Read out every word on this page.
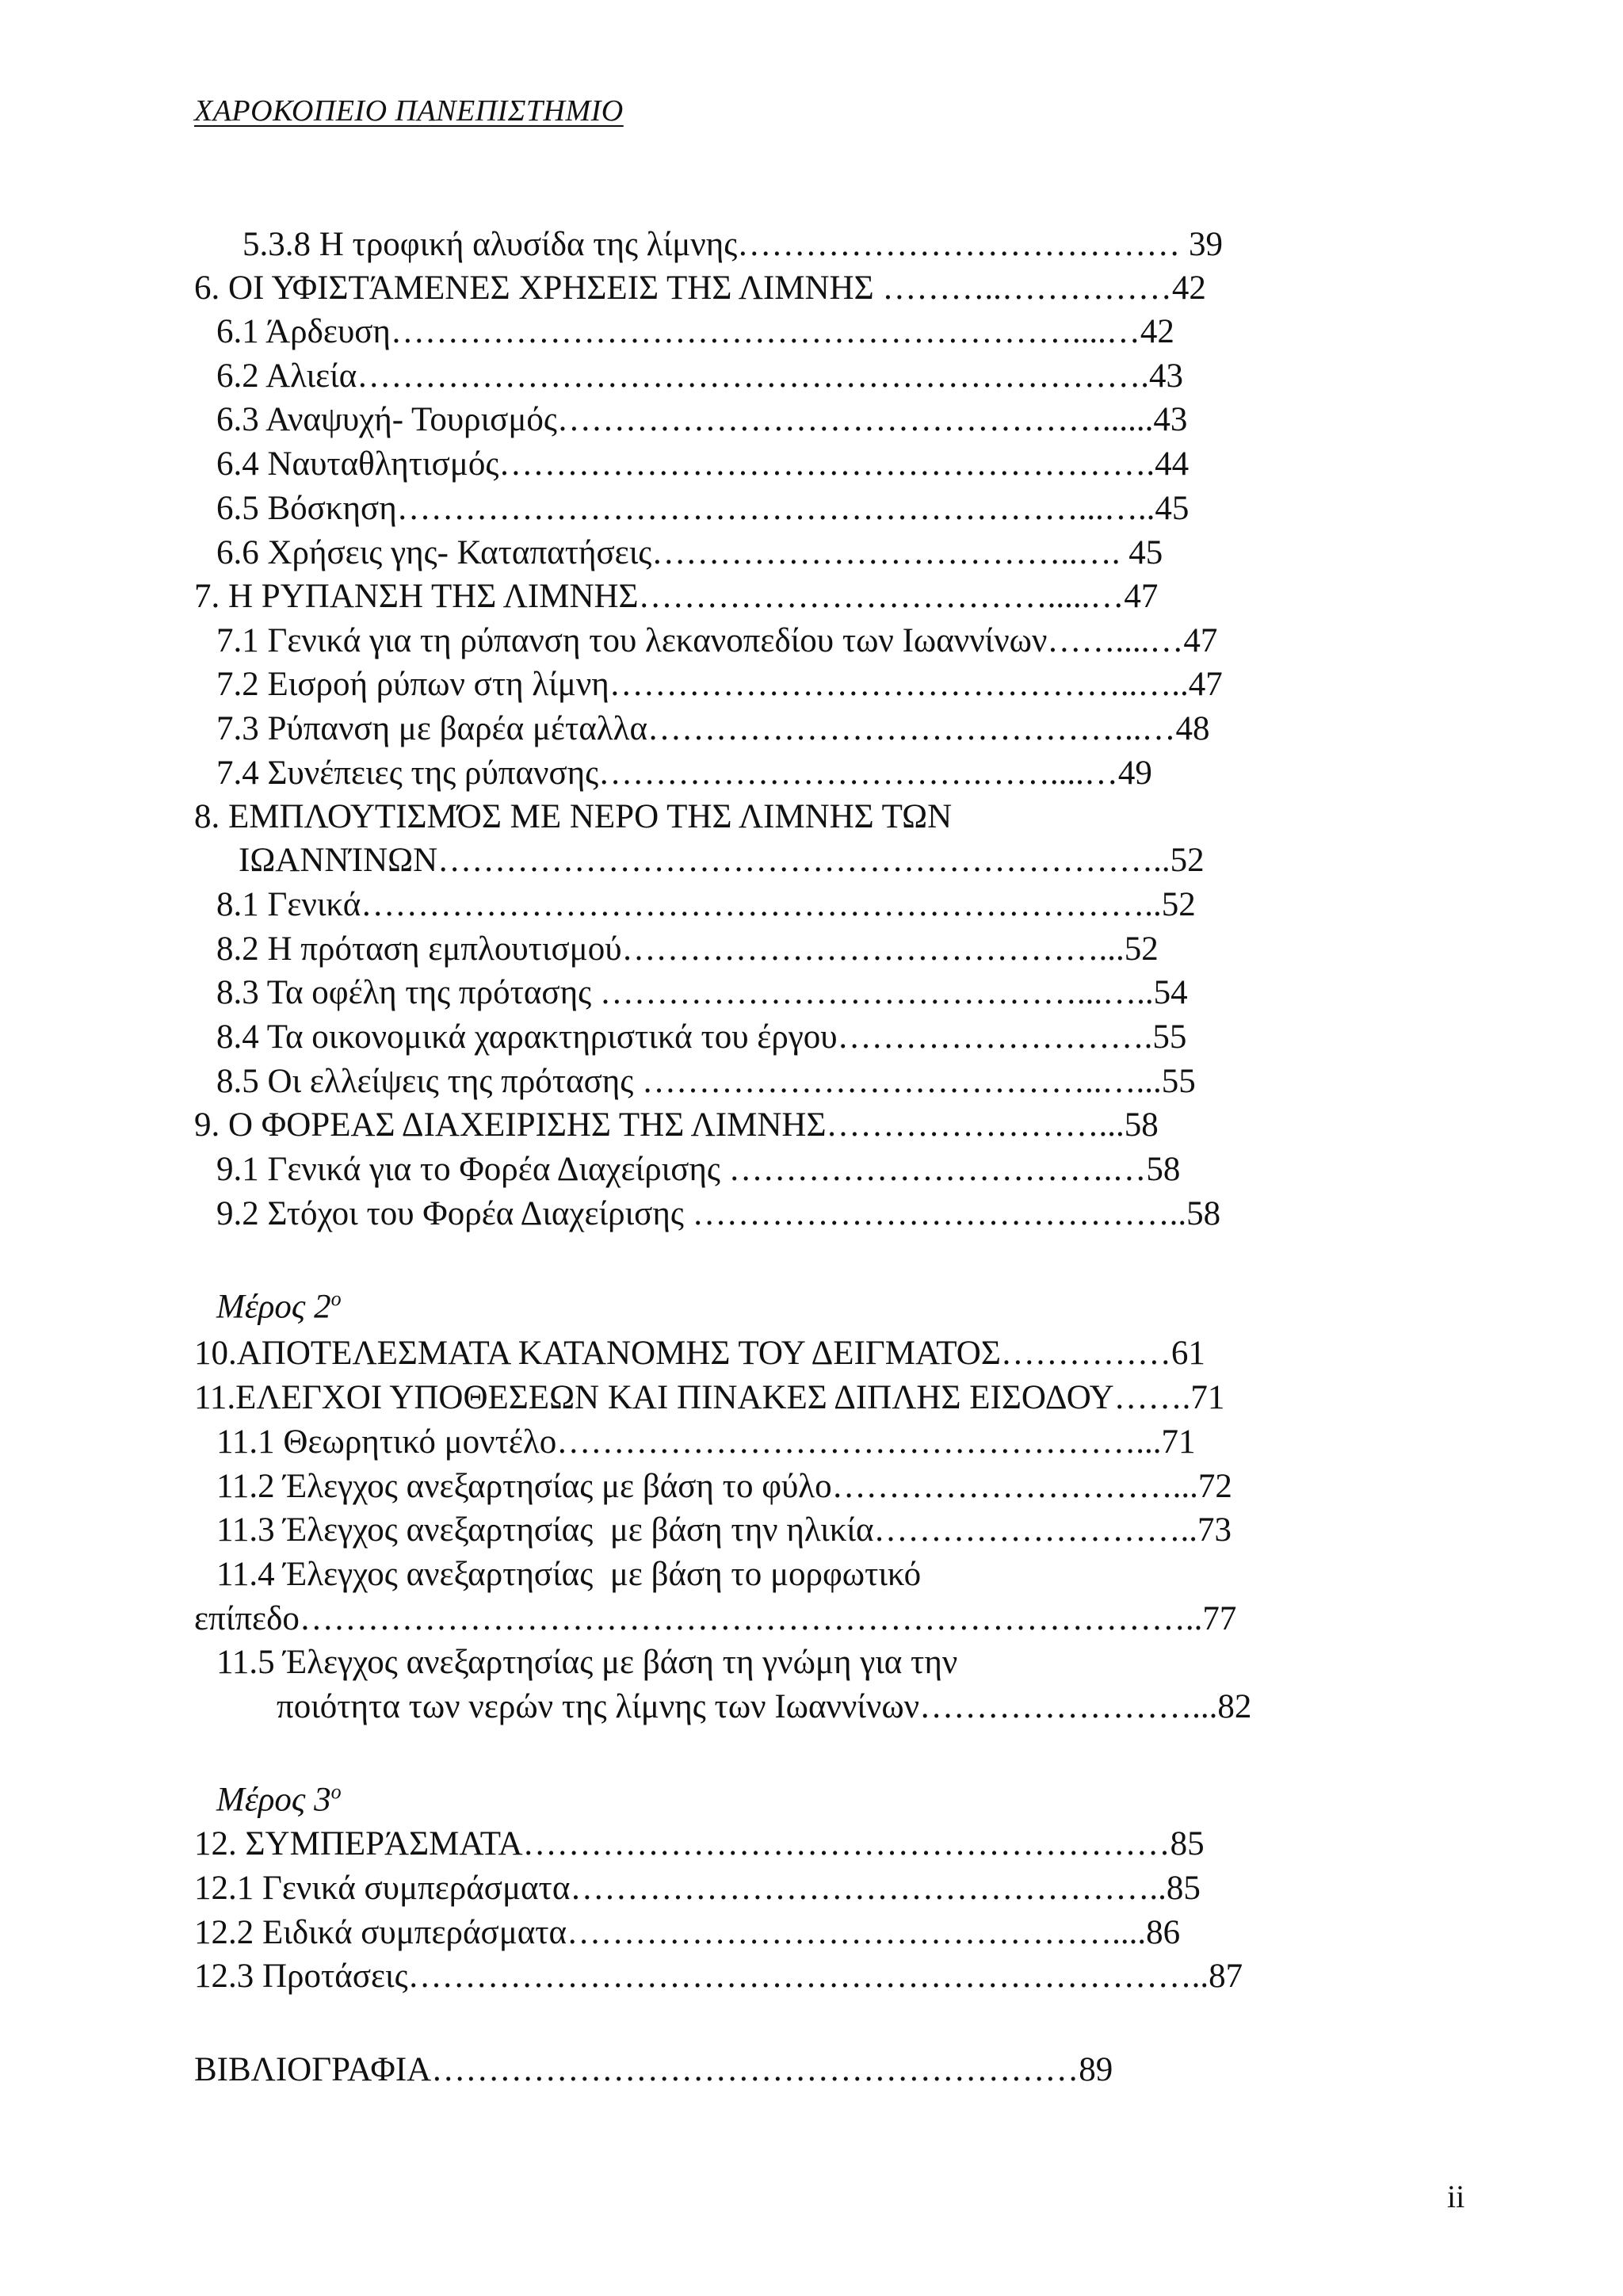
ΧΑΡΟΚΟΠΕΙΟ ΠΑΝΕΠΙΣΤΗΜΙΟ
5.3.8 Η τροφική αλυσίδα της λίμνης………………………………… 39
6. ΟΙ ΥΦΙΣΤΆΜΕΝΕΣ ΧΡΗΣΕΙΣ ΤΗΣ ΛΙΜΝΗΣ ………..……………42
6.1 Άρδευση……………………………………………………....…42
6.2 Αλιεία…………………………………………………………….43
6.3 Αναψυχή- Τουρισμός…………………………………………......43
6.4 Ναυταθλητισμός………………………………………………….44
6.5 Βόσκηση……………………………………………………...…..45
6.6 Χρήσεις γης- Καταπατήσεις………………………………..…. 45
7. Η ΡΥΠΑΝΣΗ ΤΗΣ ΛΙΜΝΗΣ……………………………….....…47
7.1 Γενικά για τη ρύπανση του λεκανοπεδίου των Ιωαννίνων……....…47
7.2 Εισροή ρύπων στη λίμνη………………………………………..…..47
7.3 Ρύπανση με βαρέα μέταλλα……………………………………..…48
7.4 Συνέπειες της ρύπανσης…………………………….……....…49
8. ΕΜΠΛΟΥΤΙΣΜΌΣ ΜΕ ΝΕΡΟ ΤΗΣ ΛΙΜΝΗΣ ΤΩΝ
ΙΩΑΝΝΊΝΩΝ………………………………………………………..52
8.1 Γενικά……………………………………………………………..52
8.2 Η πρόταση εμπλουτισμού……………………………………...52
8.3 Τα οφέλη της πρότασης ……………………………………...…..54
8.4 Τα οικονομικά χαρακτηριστικά του έργου……………………….55
8.5 Οι ελλείψεις της πρότασης …………………………………..…...55
9. Ο ΦΟΡΕΑΣ ΔΙΑΧΕΙΡΙΣΗΣ ΤΗΣ ΛΙΜΝΗΣ……………………...58
9.1 Γενικά για το Φορέα Διαχείρισης …………………………….…58
9.2 Στόχοι του Φορέα Διαχείρισης ……………………………………..58
Μέρος $2^o$
10.ΑΠΟΤΕΛΕΣΜΑΤΑ ΚΑΤΑΝΟΜΗΣ ΤΟΥ ΔΕΙΓΜΑΤΟΣ……………61
11.ΕΛΕΓΧΟΙ ΥΠΟΘΕΣΕΩΝ ΚΑΙ ΠΙΝΑΚΕΣ ΔΙΠΛΗΣ ΕΙΣΟΔΟΥ…….71
11.1 Θεωρητικό μοντέλο……………………………………………...71
11.2 Έλεγχος ανεξαρτησίας με βάση το φύλο…………………………...72
11.3 Έλεγχος ανεξαρτησίας  με βάση την ηλικία………………………..73
11.4 Έλεγχος ανεξαρτησίας  με βάση το μορφωτικό
επίπεδο……………………………………………………………………..77
11.5 Έλεγχος ανεξαρτησίας με βάση τη γνώμη για την
ποιότητα των νερών της λίμνης των Ιωαννίνων……………………...82
Μέρος $3^o$
12. ΣΥΜΠΕΡΆΣΜΑΤΑ…………………………………………………85
12.1 Γενικά συμπεράσματα……………………………………………..85
12.2 Ειδικά συμπεράσματα…………………………………………....86
12.3 Προτάσεις……………………………………………………………..87
ΒΙΒΛΙΟΓΡΑΦΙΑ…………………………………………………89
ii
